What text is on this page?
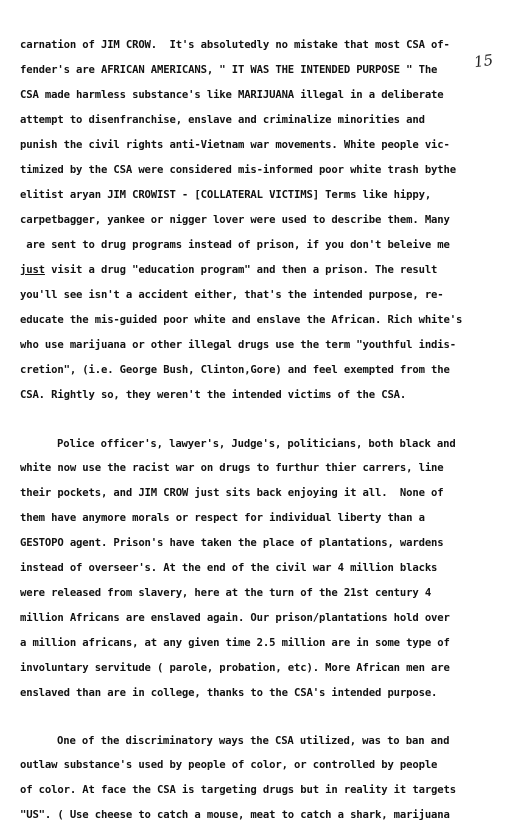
15
carnation of JIM CROW.  It's absolutedly no mistake that most CSA of-
fender's are AFRICAN AMERICANS, " IT WAS THE INTENDED PURPOSE " The
CSA made harmless substance's like MARIJUANA illegal in a deliberate
attempt to disenfranchise, enslave and criminalize minorities and
punish the civil rights anti-Vietnam war movements. White people vic-
timized by the CSA were considered mis-informed poor white trash bythe
elitist aryan JIM CROWIST - [COLLATERAL VICTIMS] Terms like hippy,
carpetbagger, yankee or nigger lover were used to describe them. Many
are sent to drug programs instead of prison, if you don't beleive me
just visit a drug "education program" and then a prison. The result
you'll see isn't a accident either, that's the intended purpose, re-
educate the mis-guided poor white and enslave the African. Rich white's
who use marijuana or other illegal drugs use the term "youthful indis-
cretion", (i.e. George Bush, Clinton,Gore) and feel exempted from the
CSA. Rightly so, they weren't the intended victims of the CSA.
Police officer's, lawyer's, Judge's, politicians, both black and
white now use the racist war on drugs to furthur thier carrers, line
their pockets, and JIM CROW just sits back enjoying it all.  None of
them have anymore morals or respect for individual liberty than a
GESTOPO agent. Prison's have taken the place of plantations, wardens
instead of overseer's. At the end of the civil war 4 million blacks
were released from slavery, here at the turn of the 21st century 4
million Africans are enslaved again. Our prison/plantations hold over
a million africans, at any given time 2.5 million are in some type of
involuntary servitude ( parole, probation, etc). More African men are
enslaved than are in college, thanks to the CSA's intended purpose.
One of the discriminatory ways the CSA utilized, was to ban and
outlaw substance's used by people of color, or controlled by people
of color. At face the CSA is targeting drugs but in reality it targets
"US". ( Use cheese to catch a mouse, meat to catch a shark, marijuana
